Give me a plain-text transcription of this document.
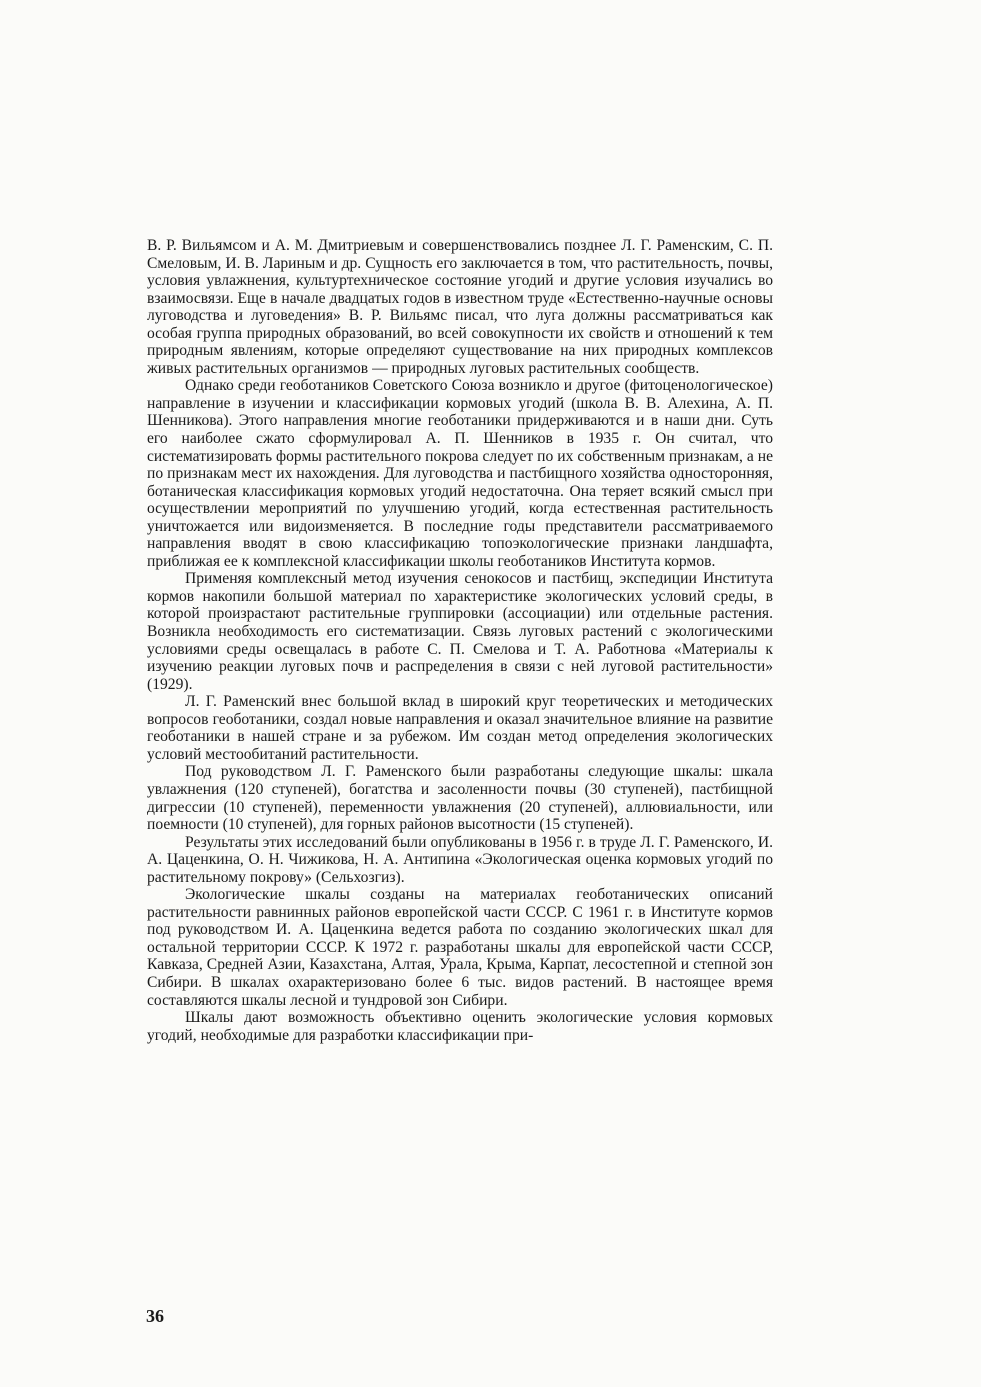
В. Р. Вильямсом и А. М. Дмитриевым и совершенствовались позднее Л. Г. Раменским, С. П. Смеловым, И. В. Лариным и др. Сущность его заключается в том, что растительность, почвы, условия увлажнения, культуртехническое состояние угодий и другие условия изучались во взаимосвязи. Еще в начале двадцатых годов в известном труде «Естественно-научные основы луговодства и луговедения» В. Р. Вильямс писал, что луга должны рассматриваться как особая группа природных образований, во всей совокупности их свойств и отношений к тем природным явлениям, которые определяют существование на них природных комплексов живых растительных организмов — природных луговых растительных сообществ.

Однако среди геоботаников Советского Союза возникло и другое (фитоценологическое) направление в изучении и классификации кормовых угодий (школа В. В. Алехина, А. П. Шенникова). Этого направления многие геоботаники придерживаются и в наши дни. Суть его наиболее сжато сформулировал А. П. Шенников в 1935 г. Он считал, что систематизировать формы растительного покрова следует по их собственным признакам, а не по признакам мест их нахождения. Для луговодства и пастбищного хозяйства односторонняя, ботаническая классификация кормовых угодий недостаточна. Она теряет всякий смысл при осуществлении мероприятий по улучшению угодий, когда естественная растительность уничтожается или видоизменяется. В последние годы представители рассматриваемого направления вводят в свою классификацию топоэкологические признаки ландшафта, приближая ее к комплексной классификации школы геоботаников Института кормов.

Применяя комплексный метод изучения сенокосов и пастбищ, экспедиции Института кормов накопили большой материал по характеристике экологических условий среды, в которой произрастают растительные группировки (ассоциации) или отдельные растения. Возникла необходимость его систематизации. Связь луговых растений с экологическими условиями среды освещалась в работе С. П. Смелова и Т. А. Работнова «Материалы к изучению реакции луговых почв и распределения в связи с ней луговой растительности» (1929).

Л. Г. Раменский внес большой вклад в широкий круг теоретических и методических вопросов геоботаники, создал новые направления и оказал значительное влияние на развитие геоботаники в нашей стране и за рубежом. Им создан метод определения экологических условий местообитаний растительности.

Под руководством Л. Г. Раменского были разработаны следующие шкалы: шкала увлажнения (120 ступеней), богатства и засоленности почвы (30 ступеней), пастбищной дигрессии (10 ступеней), переменности увлажнения (20 ступеней), аллювиальности, или поемности (10 ступеней), для горных районов высотности (15 ступеней).

Результаты этих исследований были опубликованы в 1956 г. в труде Л. Г. Раменского, И. А. Цаценкина, О. Н. Чижикова, Н. А. Антипина «Экологическая оценка кормовых угодий по растительному покрову» (Сельхозгиз).

Экологические шкалы созданы на материалах геоботанических описаний растительности равнинных районов европейской части СССР. С 1961 г. в Институте кормов под руководством И. А. Цаценкина ведется работа по созданию экологических шкал для остальной территории СССР. К 1972 г. разработаны шкалы для европейской части СССР, Кавказа, Средней Азии, Казахстана, Алтая, Урала, Крыма, Карпат, лесостепной и степной зон Сибири. В шкалах охарактеризовано более 6 тыс. видов растений. В настоящее время составляются шкалы лесной и тундровой зон Сибири.

Шкалы дают возможность объективно оценить экологические условия кормовых угодий, необходимые для разработки классификации при-

36
